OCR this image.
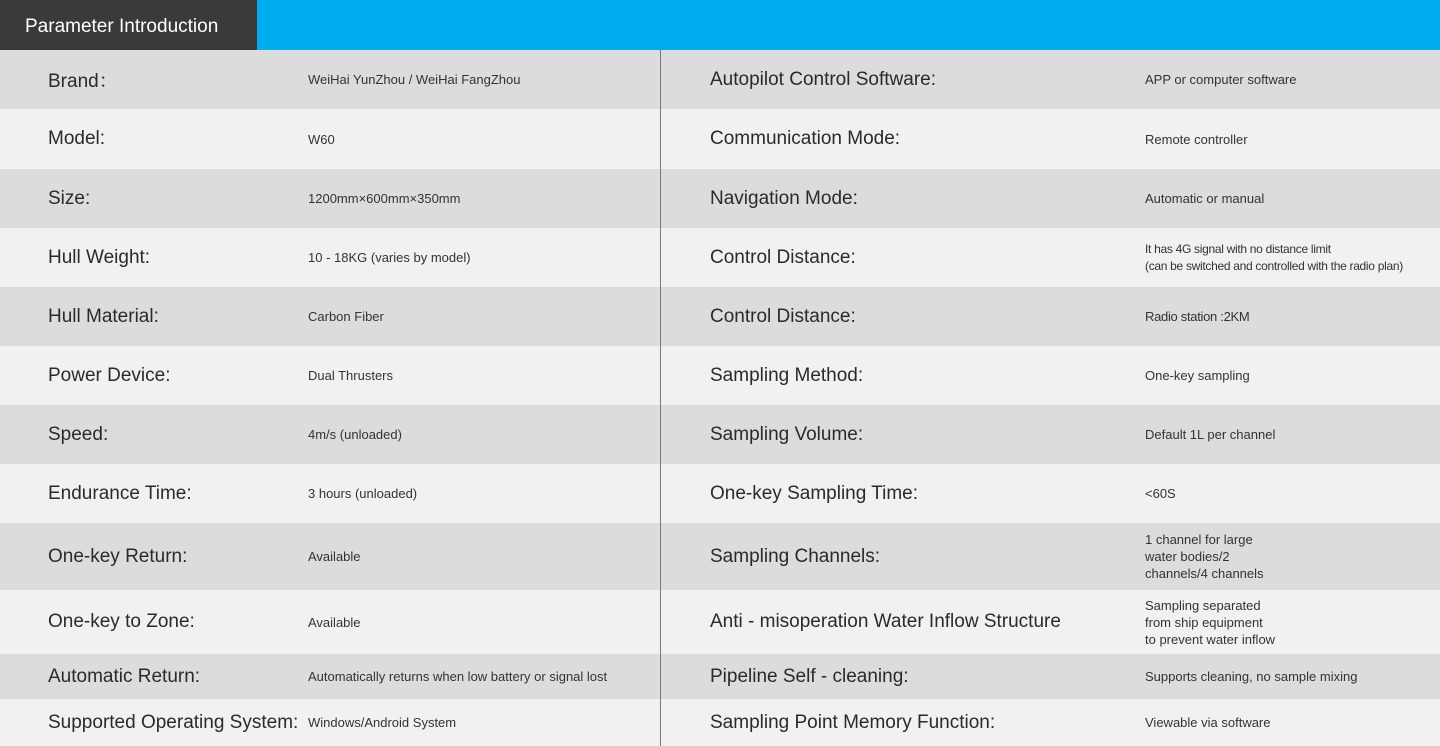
Parameter Introduction
Brand：	WeiHai YunZhou / WeiHai FangZhou	Autopilot Control Software:	APP or computer software
Model:	W60	Communication Mode:	Remote controller
Size:	1200mm×600mm×350mm	Navigation Mode:	Automatic or manual
Hull Weight:	10 - 18KG (varies by model)	Control Distance:	It has 4G signal with no distance limit
(can be switched and controlled with the radio plan)
Hull Material:	Carbon Fiber	Control Distance:	Radio station :2KM
Power Device:	Dual Thrusters	Sampling Method:	One-key sampling
Speed:	4m/s (unloaded)	Sampling Volume:	Default 1L per channel
Endurance Time:	3 hours (unloaded)	One-key Sampling Time:	<60S
One-key Return:	Available	Sampling Channels:
1 channel for large
water bodies/2
channels/4 channels
One-key to Zone:	Available	Anti - misoperation Water Inflow Structure
Sampling separated
from ship equipment
to prevent water inflow
Automatic Return:	Automatically returns when low battery or signal lost	Pipeline Self - cleaning:	Supports cleaning, no sample mixing
Supported Operating System: Windows/Android System	Sampling Point Memory Function:	Viewable via software
